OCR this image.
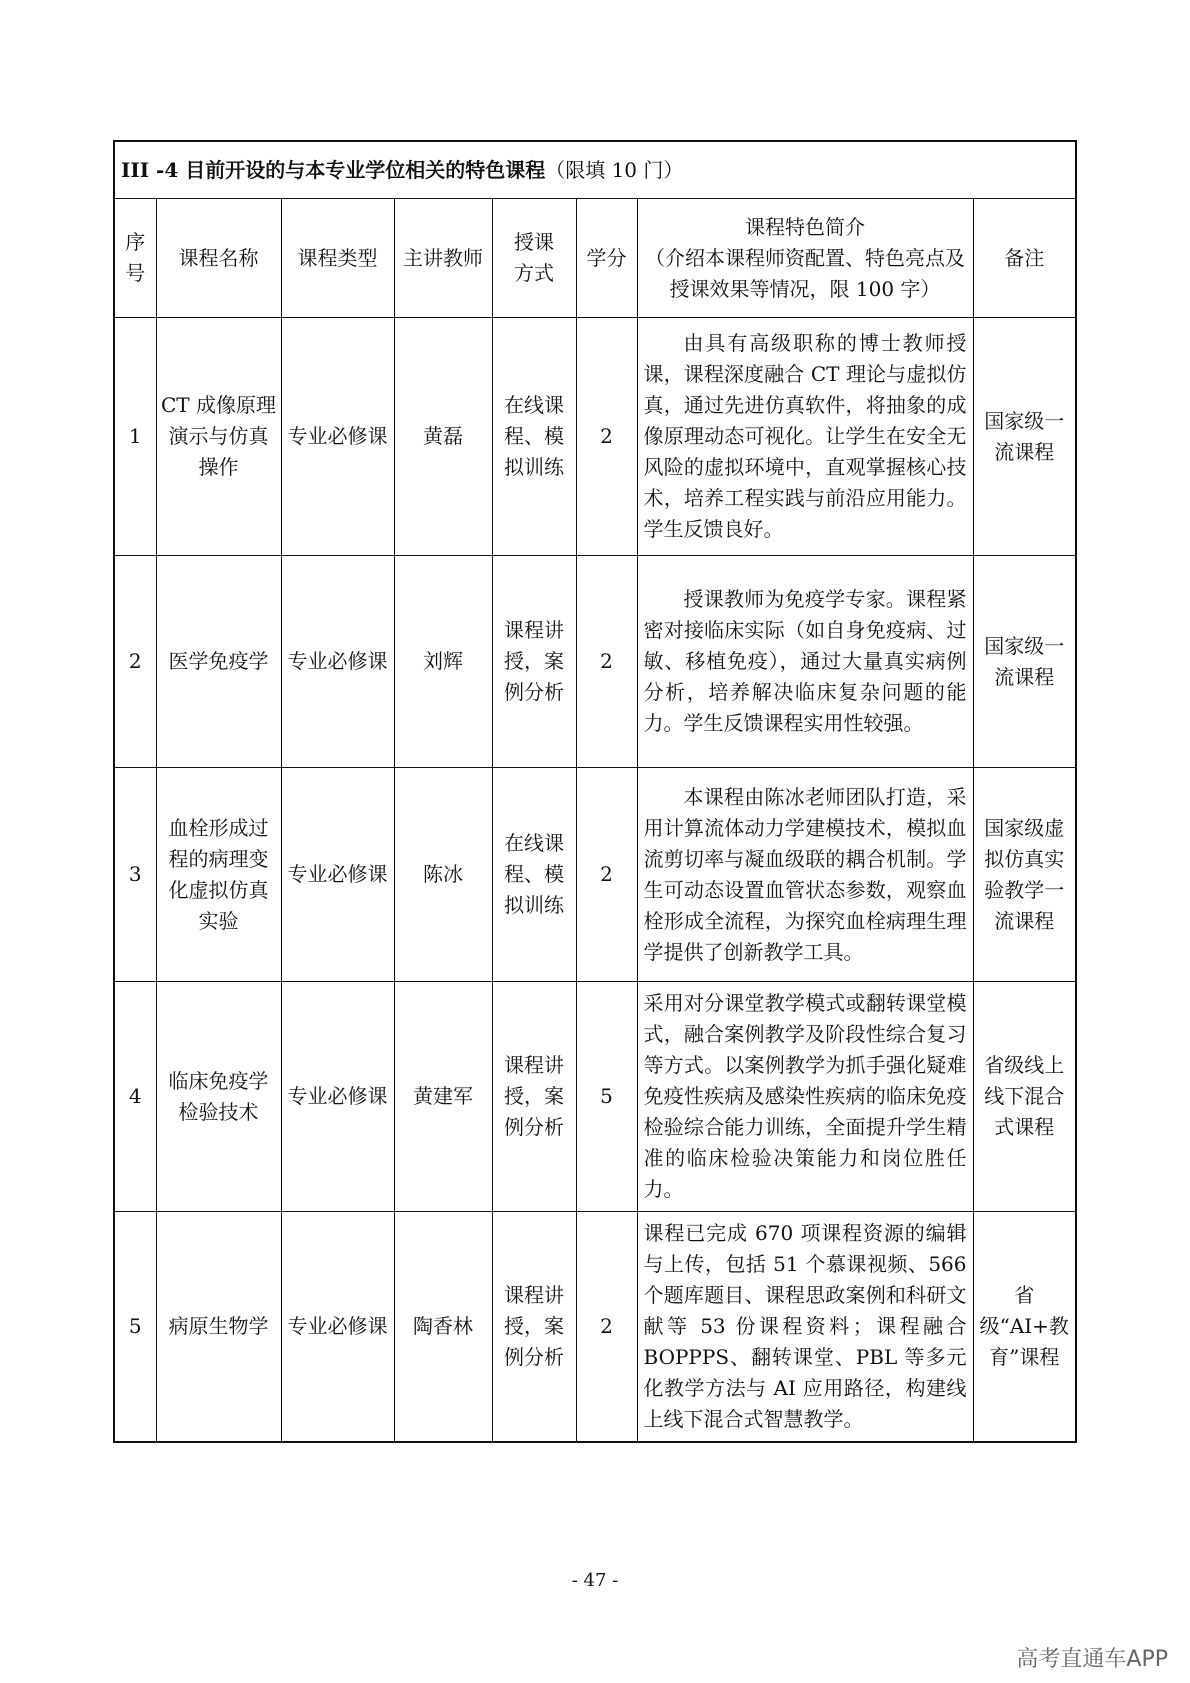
III -4 目前开设的与本专业学位相关的特色课程（限填 10 门）							
序号	课程名称	课程类型	主讲教师	授课方式	学分	课程特色简介
（介绍本课程师资配置、特色亮点及授课效果等情况，限 100 字）	备注
1	CT 成像原理演示与仿真操作	专业必修课	黄磊	在线课程、模拟训练	2	由具有高级职称的博士教师授课，课程深度融合 CT 理论与虚拟仿真，通过先进仿真软件，将抽象的成像原理动态可视化。让学生在安全无风险的虚拟环境中，直观掌握核心技术，培养工程实践与前沿应用能力。学生反馈良好。	国家级一流课程
2	医学免疫学	专业必修课	刘辉	课程讲授，案例分析	2	授课教师为免疫学专家。课程紧密对接临床实际（如自身免疫病、过敏、移植免疫），通过大量真实病例分析，培养解决临床复杂问题的能力。学生反馈课程实用性较强。	国家级一流课程
3	血栓形成过程的病理变化虚拟仿真实验	专业必修课	陈冰	在线课程、模拟训练	2	本课程由陈冰老师团队打造，采用计算流体动力学建模技术，模拟血流剪切率与凝血级联的耦合机制。学生可动态设置血管状态参数，观察血栓形成全流程，为探究血栓病理生理学提供了创新教学工具。	国家级虚拟仿真实验教学一流课程
4	临床免疫学检验技术	专业必修课	黄建军	课程讲授，案例分析	5	采用对分课堂教学模式或翻转课堂模式，融合案例教学及阶段性综合复习等方式。以案例教学为抓手强化疑难免疫性疾病及感染性疾病的临床免疫检验综合能力训练，全面提升学生精准的临床检验决策能力和岗位胜任力。	省级线上线下混合式课程
5	病原生物学	专业必修课	陶香林	课程讲授，案例分析	2	课程已完成 670 项课程资源的编辑与上传，包括 51 个慕课视频、566 个题库题目、课程思政案例和科研文献等 53 份课程资料；课程融合 BOPPPS、翻转课堂、PBL 等多元化教学方法与 AI 应用路径，构建线上线下混合式智慧教学。	省级“AI+教育”课程
- 47 -
高考直通车APP
